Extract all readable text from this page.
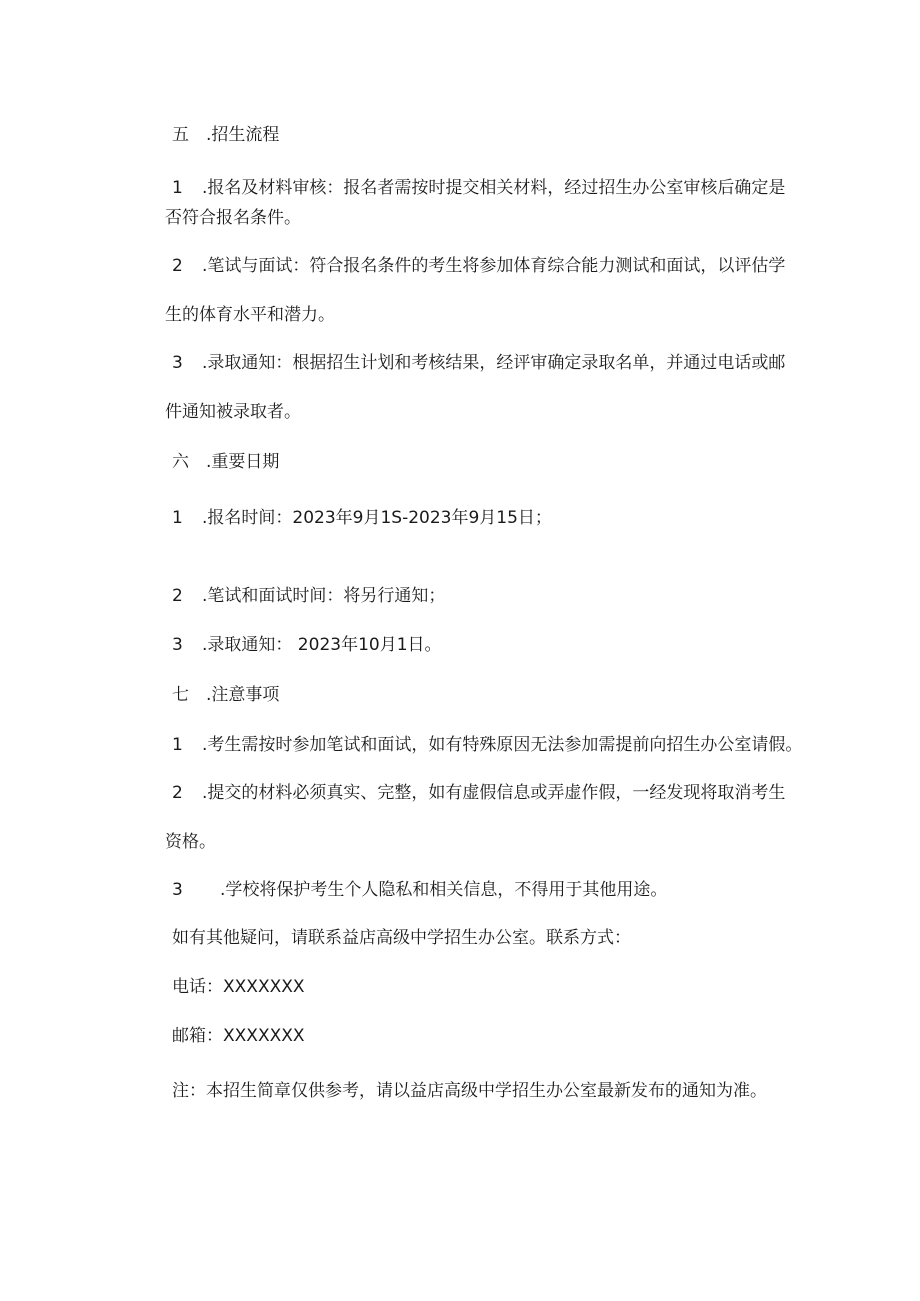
五 .招生流程

1 .报名及材料审核：报名者需按时提交相关材料，经过招生办公室审核后确定是

否符合报名条件。

2 .笔试与面试：符合报名条件的考生将参加体育综合能力测试和面试，以评估学

生的体育水平和潜力。

3 .录取通知：根据招生计划和考核结果，经评审确定录取名单，并通过电话或邮

件通知被录取者。

六 .重要日期

1 .报名时间：2023年9月1S-2023年9月15日；

2 .笔试和面试时间：将另行通知；

3 .录取通知： 2023年10月1日。

七 .注意事项

1 .考生需按时参加笔试和面试，如有特殊原因无法参加需提前向招生办公室请假。

2 .提交的材料必须真实、完整，如有虚假信息或弄虚作假，一经发现将取消考生

资格。

3 .学校将保护考生个人隐私和相关信息，不得用于其他用途。

如有其他疑问，请联系益店高级中学招生办公室。联系方式：

电话：XXXXXXX

邮箱：XXXXXXX

注：本招生简章仅供参考，请以益店高级中学招生办公室最新发布的通知为准。
